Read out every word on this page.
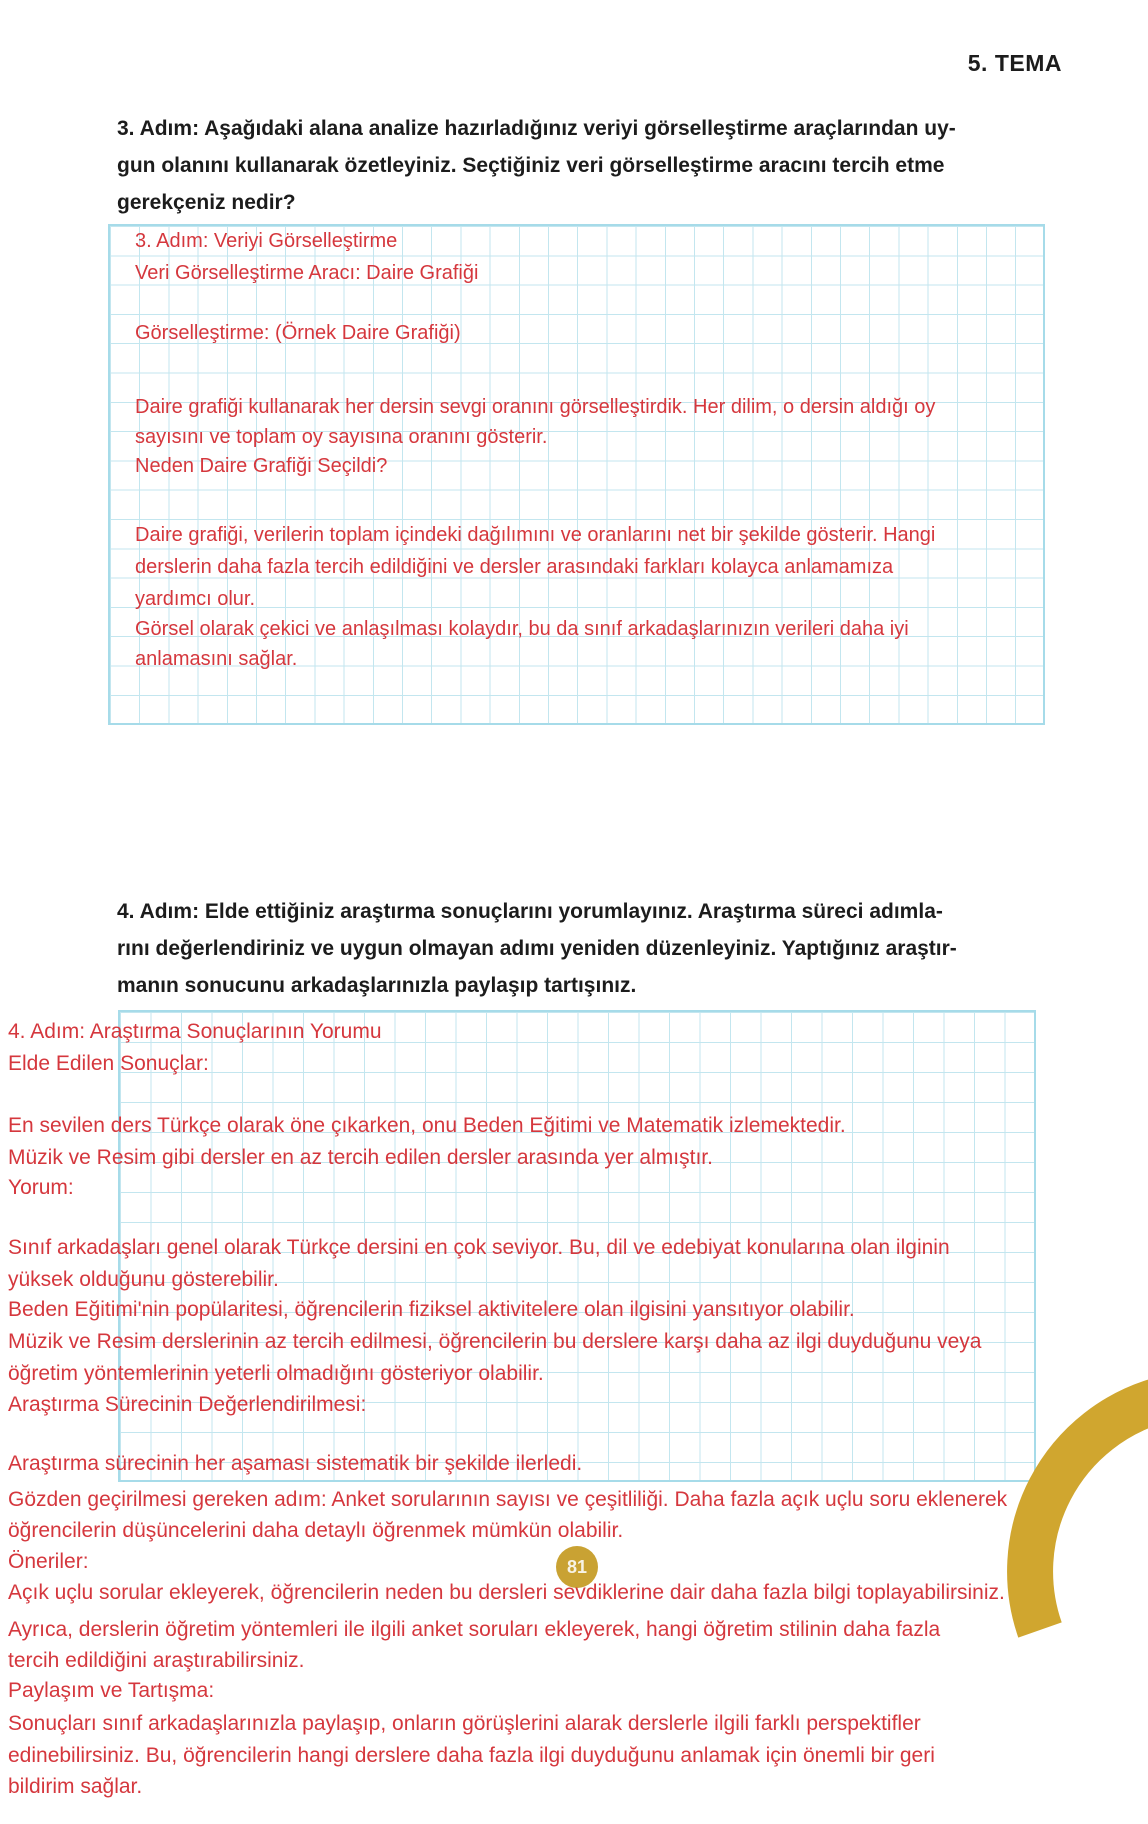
5. TEMA
3. Adım: Aşağıdaki alana analize hazırladığınız veriyi görselleştirme araçlarından uy-
gun olanını kullanarak özetleyiniz. Seçtiğiniz veri görselleştirme aracını tercih etme
gerekçeniz nedir?
3. Adım: Veriyi Görselleştirme
Veri Görselleştirme Aracı: Daire Grafiği
Görselleştirme: (Örnek Daire Grafiği)
Daire grafiği kullanarak her dersin sevgi oranını görselleştirdik. Her dilim, o dersin aldığı oy
sayısını ve toplam oy sayısına oranını gösterir.
Neden Daire Grafiği Seçildi?
Daire grafiği, verilerin toplam içindeki dağılımını ve oranlarını net bir şekilde gösterir. Hangi
derslerin daha fazla tercih edildiğini ve dersler arasındaki farkları kolayca anlamamıza
yardımcı olur.
Görsel olarak çekici ve anlaşılması kolaydır, bu da sınıf arkadaşlarınızın verileri daha iyi
anlamasını sağlar.
4. Adım: Elde ettiğiniz araştırma sonuçlarını yorumlayınız. Araştırma süreci adımla-
rını değerlendiriniz ve uygun olmayan adımı yeniden düzenleyiniz. Yaptığınız araştır-
manın sonucunu arkadaşlarınızla paylaşıp tartışınız.
4. Adım: Araştırma Sonuçlarının Yorumu
Elde Edilen Sonuçlar:
En sevilen ders Türkçe olarak öne çıkarken, onu Beden Eğitimi ve Matematik izlemektedir.
Müzik ve Resim gibi dersler en az tercih edilen dersler arasında yer almıştır.
Yorum:
Sınıf arkadaşları genel olarak Türkçe dersini en çok seviyor. Bu, dil ve edebiyat konularına olan ilginin
yüksek olduğunu gösterebilir.
Beden Eğitimi'nin popülaritesi, öğrencilerin fiziksel aktivitelere olan ilgisini yansıtıyor olabilir.
Müzik ve Resim derslerinin az tercih edilmesi, öğrencilerin bu derslere karşı daha az ilgi duyduğunu veya
öğretim yöntemlerinin yeterli olmadığını gösteriyor olabilir.
Araştırma Sürecinin Değerlendirilmesi:
Araştırma sürecinin her aşaması sistematik bir şekilde ilerledi.
Gözden geçirilmesi gereken adım: Anket sorularının sayısı ve çeşitliliği. Daha fazla açık uçlu soru eklenerek
öğrencilerin düşüncelerini daha detaylı öğrenmek mümkün olabilir.
Öneriler:
Açık uçlu sorular ekleyerek, öğrencilerin neden bu dersleri sevdiklerine dair daha fazla bilgi toplayabilirsiniz.
Ayrıca, derslerin öğretim yöntemleri ile ilgili anket soruları ekleyerek, hangi öğretim stilinin daha fazla
tercih edildiğini araştırabilirsiniz.
Paylaşım ve Tartışma:
Sonuçları sınıf arkadaşlarınızla paylaşıp, onların görüşlerini alarak derslerle ilgili farklı perspektifler
edinebilirsiniz. Bu, öğrencilerin hangi derslere daha fazla ilgi duyduğunu anlamak için önemli bir geri
bildirim sağlar.
81
